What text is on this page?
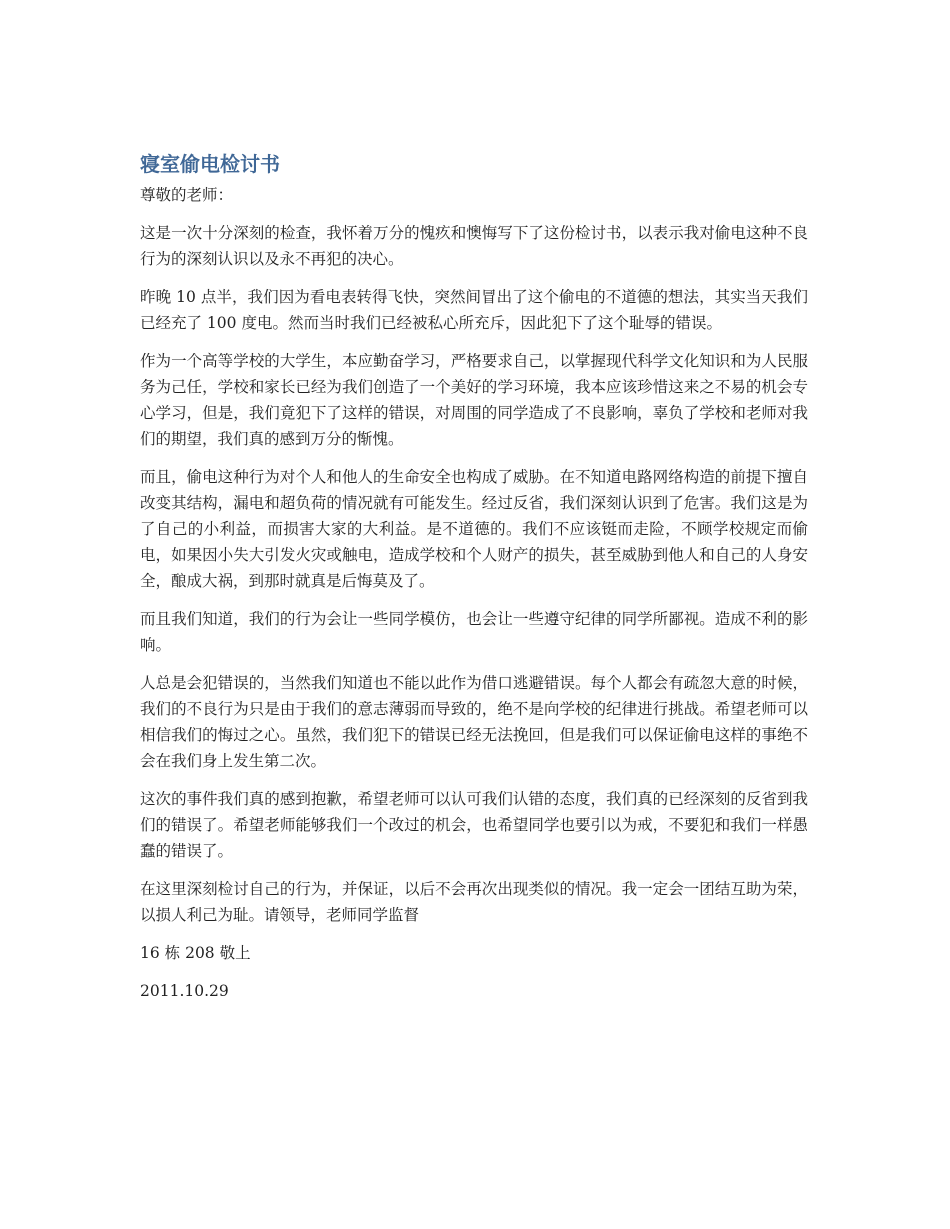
寝室偷电检讨书
尊敬的老师：

这是一次十分深刻的检查，我怀着万分的愧疚和懊悔写下了这份检讨书，以表示我对偷电这种不良行为的深刻认识以及永不再犯的决心。

昨晚 10 点半，我们因为看电表转得飞快，突然间冒出了这个偷电的不道德的想法，其实当天我们已经充了 100 度电。然而当时我们已经被私心所充斥，因此犯下了这个耻辱的错误。

作为一个高等学校的大学生，本应勤奋学习，严格要求自己，以掌握现代科学文化知识和为人民服务为己任，学校和家长已经为我们创造了一个美好的学习环境，我本应该珍惜这来之不易的机会专心学习，但是，我们竟犯下了这样的错误，对周围的同学造成了不良影响，辜负了学校和老师对我们的期望，我们真的感到万分的惭愧。

而且，偷电这种行为对个人和他人的生命安全也构成了威胁。在不知道电路网络构造的前提下擅自改变其结构，漏电和超负荷的情况就有可能发生。经过反省，我们深刻认识到了危害。我们这是为了自己的小利益，而损害大家的大利益。是不道德的。我们不应该铤而走险，不顾学校规定而偷电，如果因小失大引发火灾或触电，造成学校和个人财产的损失，甚至威胁到他人和自己的人身安全，酿成大祸，到那时就真是后悔莫及了。

而且我们知道，我们的行为会让一些同学模仿，也会让一些遵守纪律的同学所鄙视。造成不利的影响。

人总是会犯错误的，当然我们知道也不能以此作为借口逃避错误。每个人都会有疏忽大意的时候，我们的不良行为只是由于我们的意志薄弱而导致的，绝不是向学校的纪律进行挑战。希望老师可以相信我们的悔过之心。虽然，我们犯下的错误已经无法挽回，但是我们可以保证偷电这样的事绝不会在我们身上发生第二次。

这次的事件我们真的感到抱歉，希望老师可以认可我们认错的态度，我们真的已经深刻的反省到我们的错误了。希望老师能够我们一个改过的机会，也希望同学也要引以为戒，不要犯和我们一样愚蠢的错误了。

在这里深刻检讨自己的行为，并保证，以后不会再次出现类似的情况。我一定会一团结互助为荣，以损人利己为耻。请领导，老师同学监督

16 栋 208 敬上

2011.10.29
